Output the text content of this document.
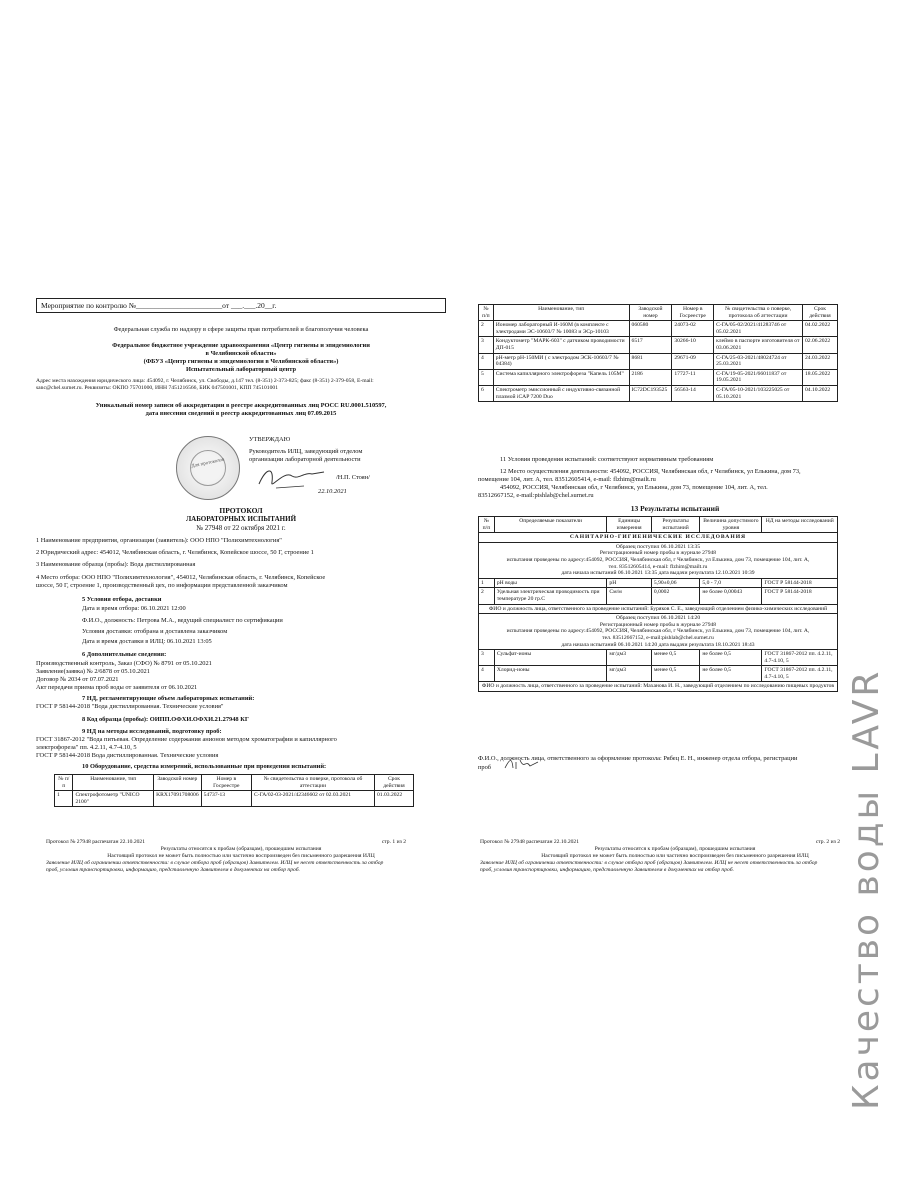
Мероприятие по контролю №_______________________от ___.___.20__г.
Федеральная служба по надзору в сфере защиты прав потребителей и благополучия человека
Федеральное бюджетное учреждение здравоохранения «Центр гигиены и эпидемиологии
в Челябинской области»
(ФБУЗ «Центр гигиены и эпидемиологии в Челябинской области»)
Испытательный лабораторный центр
Адрес места нахождения юридического лица: 454092, г. Челябинск, ул. Свободы, д.147 тел. (8-351) 2-373-825; факс (8-351) 2-379-058, E-mail:
sanc@chel.surnet.ru. Реквизиты: ОКПО 75701000, ИНН 7451216566, БИК 047501001, КПП 745101001
Уникальный номер записи об аккредитации в реестре аккредитованных лиц РОСС RU.0001.510597,
дата внесения сведений в реестр аккредитованных лиц 07.09.2015
Для протоколов
УТВЕРЖДАЮ
Руководитель ИЛЦ, заведующий отделом
организации лабораторной деятельности
/Н.П. Стоян/
22.10.2021
ПРОТОКОЛ
ЛАБОРАТОРНЫХ ИСПЫТАНИЙ
№ 27948 от 22 октября 2021 г.
1 Наименование предприятия, организации (заявитель): ООО НПО "Полихимтехнология"
2 Юридический адрес: 454012, Челябинская область, г. Челябинск, Копейское шоссе, 50 Г, строение 1
3 Наименование образца (пробы): Вода дистиллированная
4 Место отбора: ООО НПО "Полихимтехнология", 454012, Челябинская область, г. Челябинск, Копейское
шоссе, 50 Г, строение 1, производственный цех, по информации представленной заказчиком
5 Условия отбора, доставки
Дата и время отбора: 06.10.2021 12:00
Ф.И.О., должность: Петрова М.А., ведущий специалист по сертификации
Условия доставки: отобрана и доставлена заказчиком
Дата и время доставки в ИЛЦ: 06.10.2021 13:05
6 Дополнительные сведения:
Производственный контроль, Заказ (СФО) № 8791 от 05.10.2021
Заявление(заявка) № 2/6878 от 05.10.2021
Договор № 2034 от 07.07.2021
Акт передачи приема проб воды от заявителя от 06.10.2021
7 НД, регламентирующие объем лабораторных испытаний:
ГОСТ Р 58144-2018 "Вода дистиллированная. Технические условия"
8 Код образца (пробы): ОИПП.ОФХИ.ОФХИ.21.27948 КГ
9 НД на методы исследований, подготовку проб:
ГОСТ 31867-2012 "Вода питьевая. Определение содержания анионов методом хроматографии и капиллярного
электрофореза" пп. 4.2.11, 4.7-4.10, 5
ГОСТ Р 58144-2018 Вода дистиллированная. Технические условия
10 Оборудование, средства измерений, использованные при проведении испытаний:
№ п/п	Наименование, тип	Заводской номер	Номер в Госреестре	№ свидетельства о поверке, протокола об аттестации	Срок действия
1	Спектрофотометр "UNICO 2100"	KRX17091708006	54737-13	С-ГА/02-03-2021/42346602 от 02.03.2021	01.03.2022
Протокол № 27948 распечатан 22.10.2021	стр. 1 из 2
Результаты относятся к пробам (образцам), прошедшим испытания
Настоящий протокол не может быть полностью или частично воспроизведен без письменного разрешения ИЛЦ
Заявление ИЛЦ об ограничении ответственности: в случае отбора проб (образцов) Заявителем. ИЛЦ не несет ответственность за отбор
проб, условия транспортировки, информацию, представленную Заявителем в документах на отбор проб.
№ п/п	Наименование, тип	Заводской номер	Номер в Госреестре	№ свидетельства о поверке, протокола об аттестации	Срок действия
2	Иономер лабораторный И-160М (в комплекте с электродами ЭС-10603/7 № 10083 и ЭСр-10103	060580	24073-02	С-ГА/05-02/2021/41283746 от 05.02.2021	04.02.2022
3	Кондуктометр "МАРК-603" с датчиком проводимости ДП-015	6517	30266-10	клеймо в паспорте изготовителя от 03.06.2021	02.06.2022
4	pH-метр pH-150МИ ( с электродом ЭСК-10603/7 № 04384)	8681	29671-09	С-ГА/25-03-2021/48024724 от 25.03.2021	24.03.2022
5	Система капиллярного электрофореза "Капель 105М"	2186	17727-11	С-ГА/19-05-2021/66011837 от 19.05.2021	18.05.2022
6	Спектрометр эмиссионный с индуктивно-связанной плазмой iCAP 7200 Duo	IC72DC193525	56563-14	С-ГА/05-10-2021/103225025 от 05.10.2021	04.10.2022
11 Условия проведения испытаний: соответствуют нормативным требованиям
12 Место осуществления деятельности: 454092, РОССИЯ, Челябинская обл, г Челябинск, ул Елькина, дом 73,
помещение 104, лит. А, тел. 83512605414, e-mail: flzhim@mailt.ru
454092, РОССИЯ, Челябинская обл, г Челябинск, ул Елькина, дом 73, помещение 104, лит. А, тел.
83512667152, e-mail:pishlab@chel.surnet.ru
13 Результаты испытаний
№ п/п	Определяемые показатели	Единицы измерения	Результаты испытаний	Величина допустимого уровня	НД на методы исследований
САНИТАРНО-ГИГИЕНИЧЕСКИЕ ИССЛЕДОВАНИЯ					

Образец поступил 06.10.2021 13:35
Регистрационный номер пробы в журнале 27948
испытания проведены по адресу:454092, РОССИЯ, Челябинская обл, г Челябинск, ул Елькина, дом 73, помещение 104, лит. А,
тел. 83512605414, e-mail: flzhim@mailt.ru
дата начала испытаний 06.10.2021 13:35 дата выдачи результата 12.10.2021 10:39					

1	pH воды	pH	5,90±0,06	5,0 - 7,0	ГОСТ Р 58144-2018
2	Удельная электрическая проводимость при температуре 20 гр.С	См/м	0,0002	не более 0,00043	ГОСТ Р 58144-2018
ФИО и должность лица, ответственного за проведение испытаний: Буряков С. Е., заведующий отделением физико-химических исследований					

Образец поступил 06.10.2021 14:20
Регистрационный номер пробы в журнале 27948
испытания проведены по адресу:454092, РОССИЯ, Челябинская обл, г Челябинск, ул Елькина, дом 73, помещение 104, лит. А,
тел. 83512667152, e-mail:pishlab@chel.surnet.ru
дата начала испытаний 06.10.2021 14:20 дата выдачи результата 18.10.2021 18:43					

3	Сульфат-ионы	мг/дм3	менее 0,5	не более 0,5	ГОСТ 31867-2012 пп. 4.2.11, 4.7-4.10, 5
4	Хлорид-ионы	мг/дм3	менее 0,5	не более 0,5	ГОСТ 31867-2012 пп. 4.2.11, 4.7-4.10, 5
ФИО и должность лица, ответственного за проведение испытаний: Маханова И. Н., заведующий отделением по исследованию пищевых продуктов					
Ф.И.О., должность лица, ответственного за оформление протокола: Рябец Е. Н., инженер отдела отбора, регистрации
проб
Протокол № 27948 распечатан 22.10.2021	стр. 2 из 2
Результаты относятся к пробам (образцам), прошедшим испытания
Настоящий протокол не может быть полностью или частично воспроизведен без письменного разрешения ИЛЦ
Заявление ИЛЦ об ограничении ответственности: в случае отбора проб (образцов) Заявителем. ИЛЦ не несет ответственность за отбор
проб, условия транспортировки, информацию, представленную Заявителем в документах на отбор проб.	Качество воды LAVR
